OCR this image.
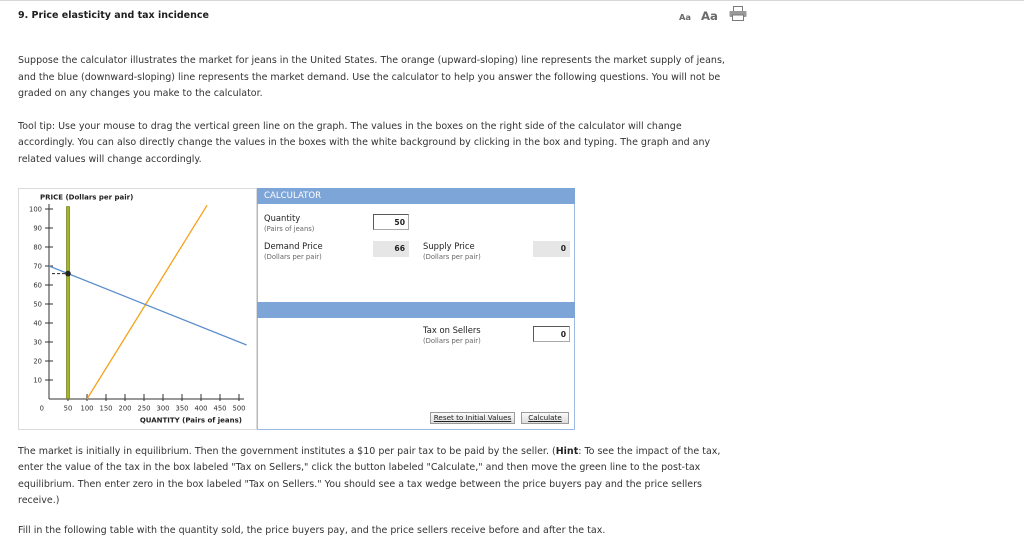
9. Price elasticity and tax incidence	Aa Aa
Suppose the calculator illustrates the market for jeans in the United States. The orange (upward-sloping) line represents the market supply of jeans,
and the blue (downward-sloping) line represents the market demand. Use the calculator to help you answer the following questions. You will not be
graded on any changes you make to the calculator.
Tool tip: Use your mouse to drag the vertical green line on the graph. The values in the boxes on the right side of the calculator will change
accordingly. You can also directly change the values in the boxes with the white background by clicking in the box and typing. The graph and any
related values will change accordingly.
PRICE (Dollars per pair)
QUANTITY (Pairs of jeans)
0
10
20
30
40
50
60
70
80
90
100
50 100 150 200 250 300 350 400 450 500
CALCULATOR
Quantity
(Pairs of jeans)
50
Demand Price
(Dollars per pair)
66	Supply Price
(Dollars per pair)
0
Tax on Sellers
(Dollars per pair)
0
Reset to Initial Values	Calculate
The market is initially in equilibrium. Then the government institutes a $10 per pair tax to be paid by the seller. (Hint: To see the impact of the tax,
enter the value of the tax in the box labeled "Tax on Sellers," click the button labeled "Calculate," and then move the green line to the post-tax
equilibrium. Then enter zero in the box labeled "Tax on Sellers." You should see a tax wedge between the price buyers pay and the price sellers
receive.)
Fill in the following table with the quantity sold, the price buyers pay, and the price sellers receive before and after the tax.
